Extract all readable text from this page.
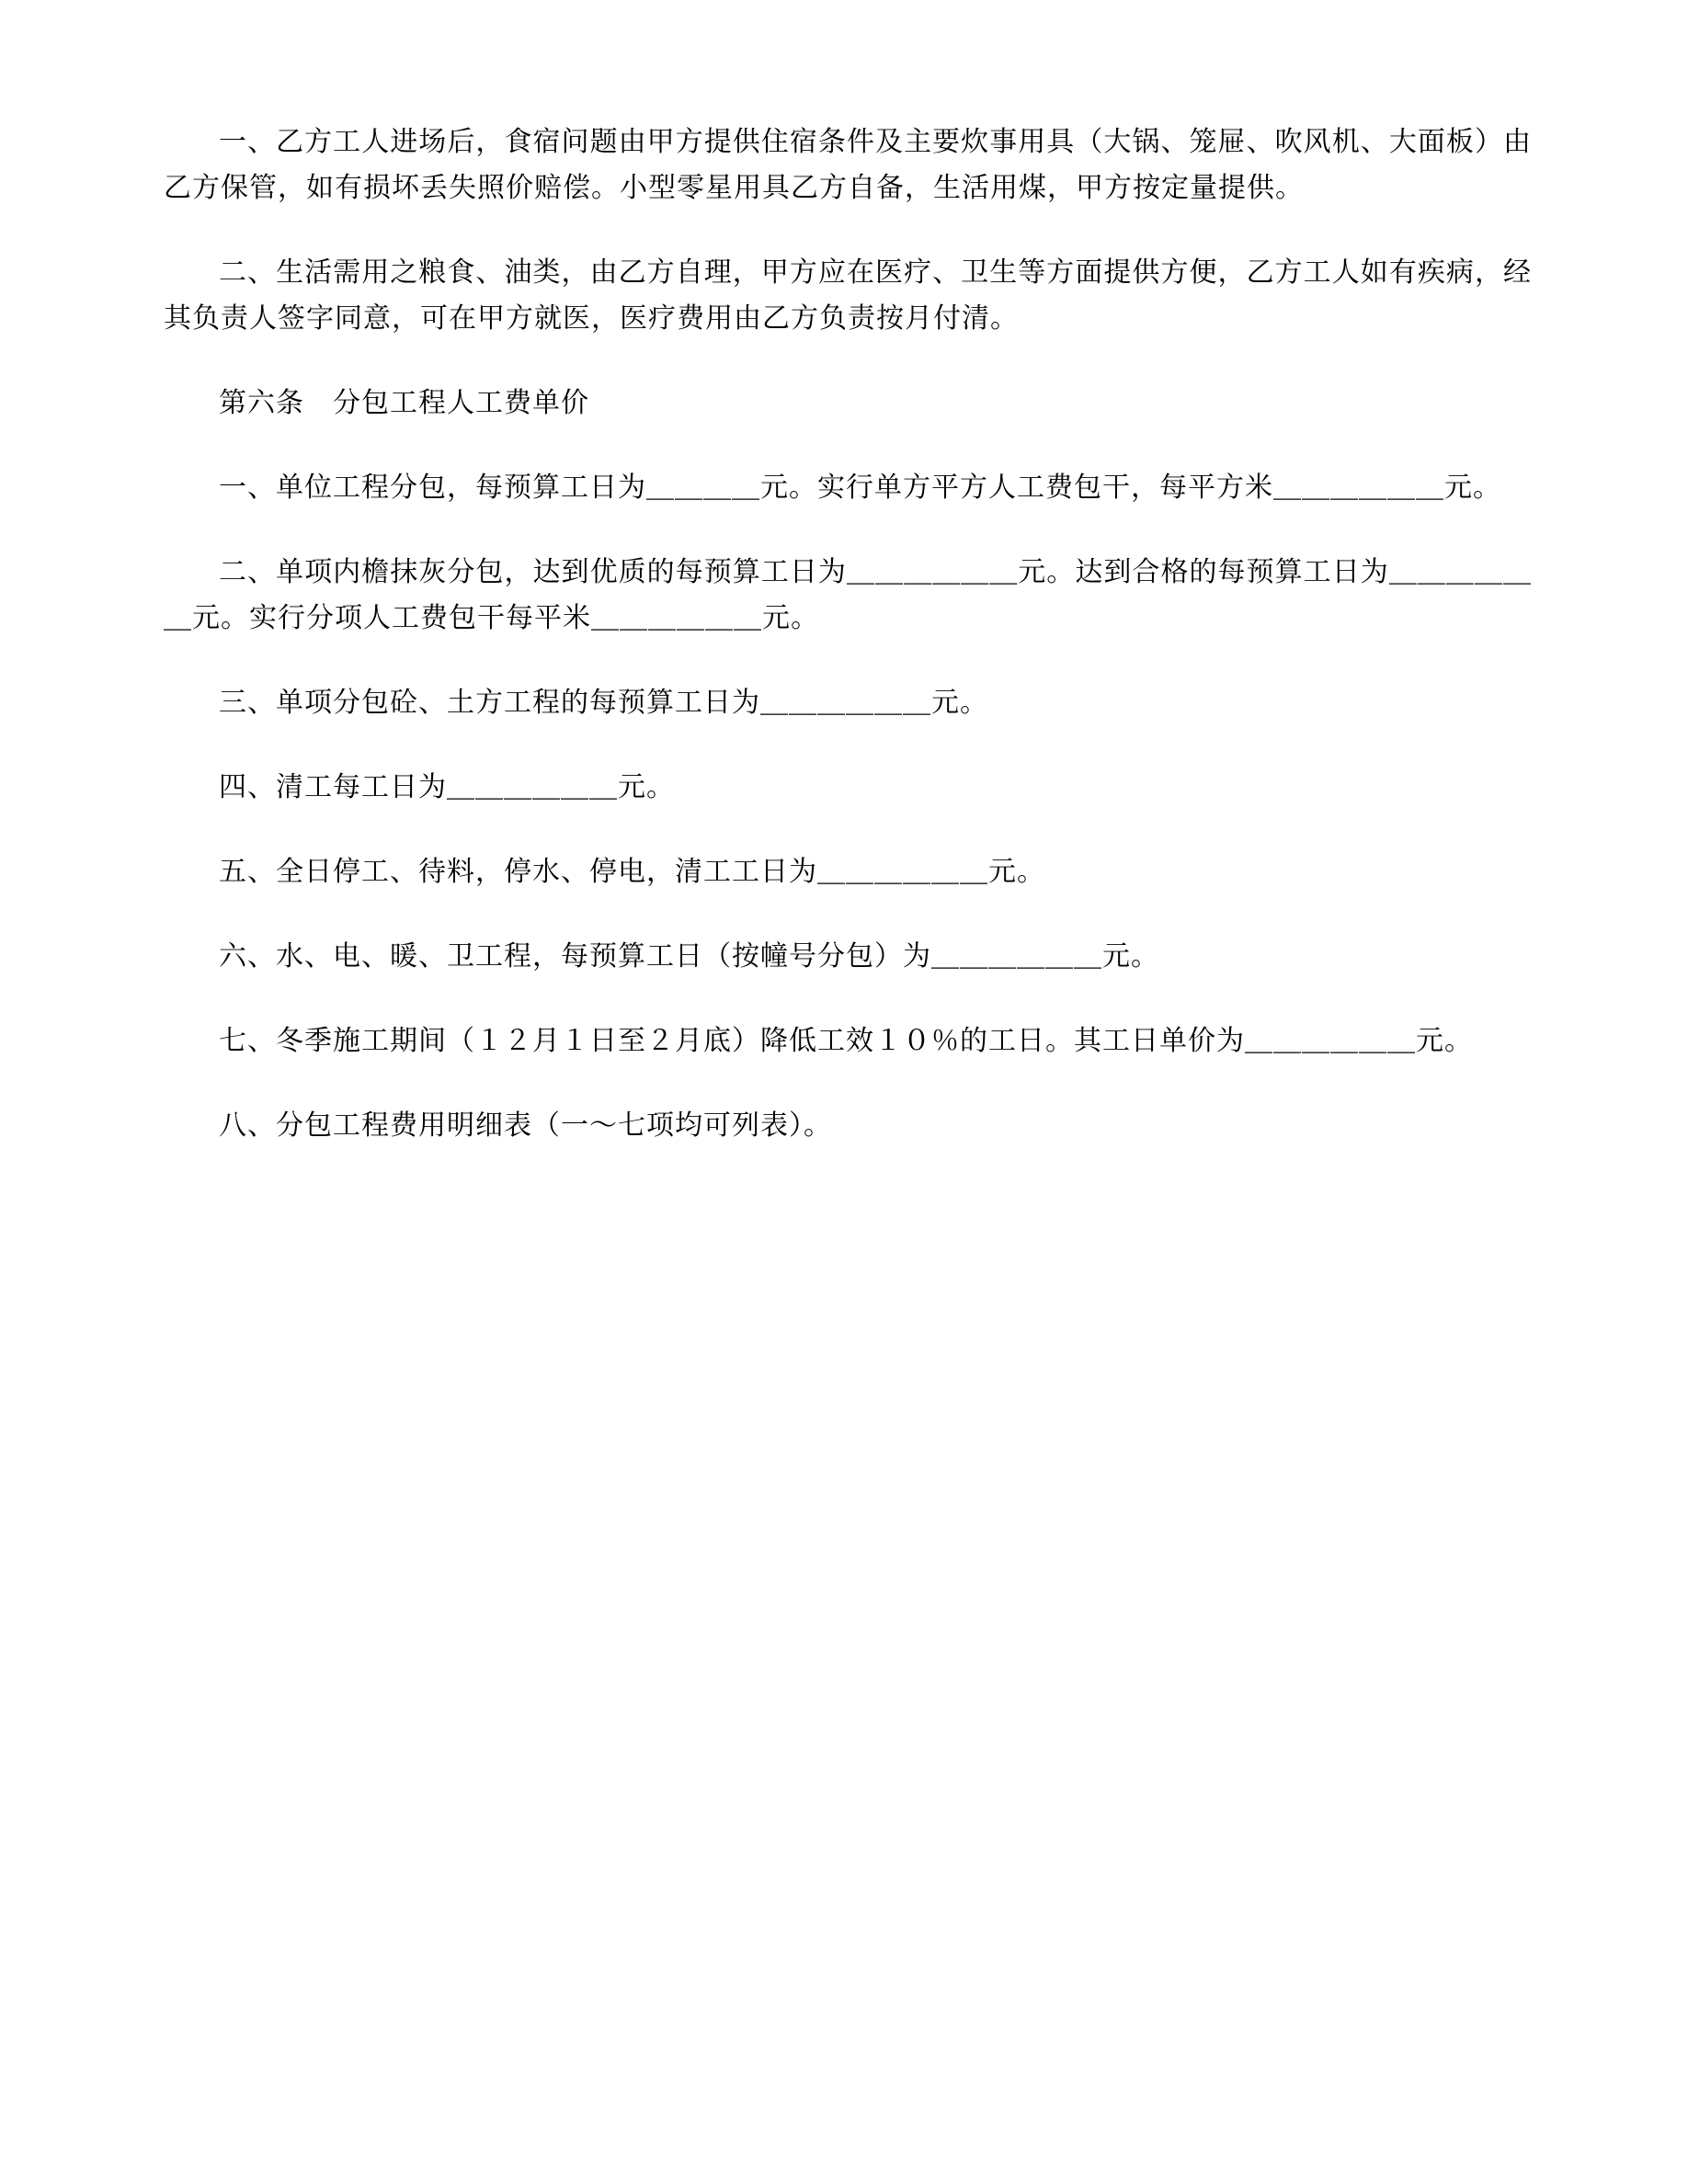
一、乙方工人进场后，食宿问题由甲方提供住宿条件及主要炊事用具（大锅、笼屉、吹风机、大面板）由乙方保管，如有损坏丢失照价赔偿。小型零星用具乙方自备，生活用煤，甲方按定量提供。

二、生活需用之粮食、油类，由乙方自理，甲方应在医疗、卫生等方面提供方便，乙方工人如有疾病，经其负责人签字同意，可在甲方就医，医疗费用由乙方负责按月付清。

第六条　分包工程人工费单价

一、单位工程分包，每预算工日为＿＿＿＿元。实行单方平方人工费包干，每平方米＿＿＿＿＿＿元。

二、单项内檐抹灰分包，达到优质的每预算工日为＿＿＿＿＿＿元。达到合格的每预算工日为＿＿＿＿＿＿元。实行分项人工费包干每平米＿＿＿＿＿＿元。

三、单项分包砼、土方工程的每预算工日为＿＿＿＿＿＿元。

四、清工每工日为＿＿＿＿＿＿元。

五、全日停工、待料，停水、停电，清工工日为＿＿＿＿＿＿元。

六、水、电、暖、卫工程，每预算工日（按幢号分包）为＿＿＿＿＿＿元。

七、冬季施工期间（１２月１日至２月底）降低工效１０％的工日。其工日单价为＿＿＿＿＿＿元。

八、分包工程费用明细表（一～七项均可列表）。
